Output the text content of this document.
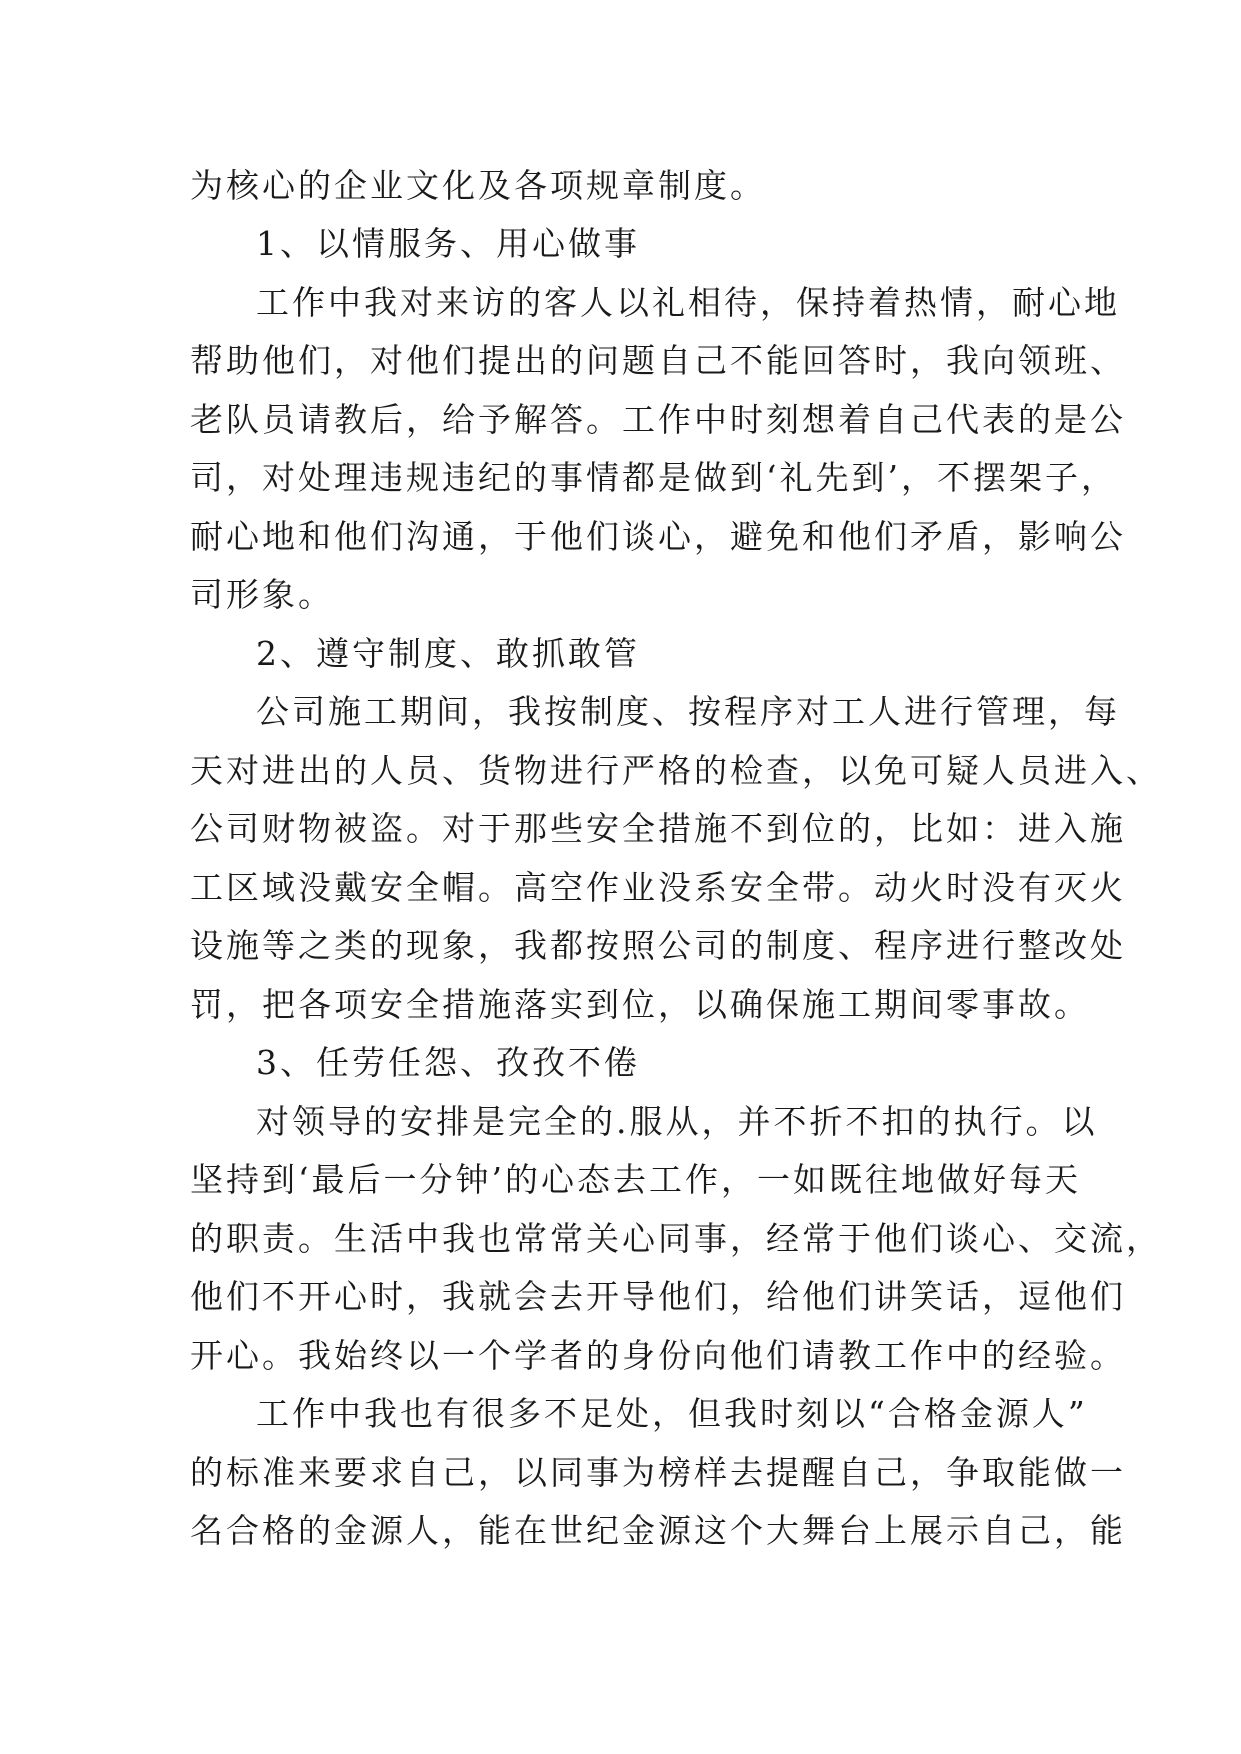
为核心的企业文化及各项规章制度。
1、以情服务、用心做事
工作中我对来访的客人以礼相待，保持着热情，耐心地
帮助他们，对他们提出的问题自己不能回答时，我向领班、
老队员请教后，给予解答。工作中时刻想着自己代表的是公
司，对处理违规违纪的事情都是做到‘礼先到’，不摆架子，
耐心地和他们沟通，于他们谈心，避免和他们矛盾，影响公
司形象。
2、遵守制度、敢抓敢管
公司施工期间，我按制度、按程序对工人进行管理，每
天对进出的人员、货物进行严格的检查，以免可疑人员进入、
公司财物被盗。对于那些安全措施不到位的，比如：进入施
工区域没戴安全帽。高空作业没系安全带。动火时没有灭火
设施等之类的现象，我都按照公司的制度、程序进行整改处
罚，把各项安全措施落实到位，以确保施工期间零事故。
3、任劳任怨、孜孜不倦
对领导的安排是完全的.服从，并不折不扣的执行。以
坚持到‘最后一分钟’的心态去工作，一如既往地做好每天
的职责。生活中我也常常关心同事，经常于他们谈心、交流，
他们不开心时，我就会去开导他们，给他们讲笑话，逗他们
开心。我始终以一个学者的身份向他们请教工作中的经验。
工作中我也有很多不足处，但我时刻以“合格金源人”
的标准来要求自己，以同事为榜样去提醒自己，争取能做一
名合格的金源人，能在世纪金源这个大舞台上展示自己，能
